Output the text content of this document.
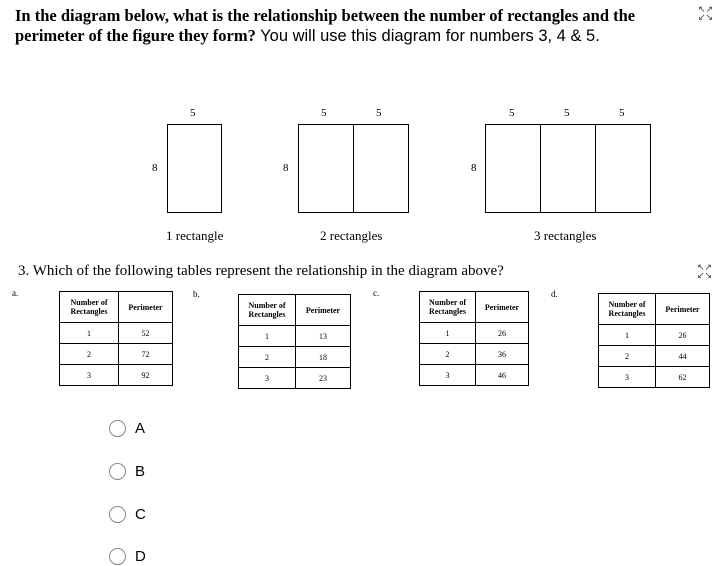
In the diagram below, what is the relationship between the number of rectangles and the perimeter of the figure they form? You will use this diagram for numbers 3, 4 & 5.
↖↗
↙↘
5
8
1 rectangle
5	5
8
2 rectangles
5	5	5
8
3 rectangles
3. Which of the following tables represent the relationship in the diagram above?	↖↗
↙↘
a.
Number of Rectangles	Perimeter
1	52
2	72
3	92
b.
Number of Rectangles	Perimeter
1	13
2	18
3	23
c.
Number of Rectangles	Perimeter
1	26
2	36
3	46
d.
Number of Rectangles	Perimeter
1	26
2	44
3	62
A
B
C
D
